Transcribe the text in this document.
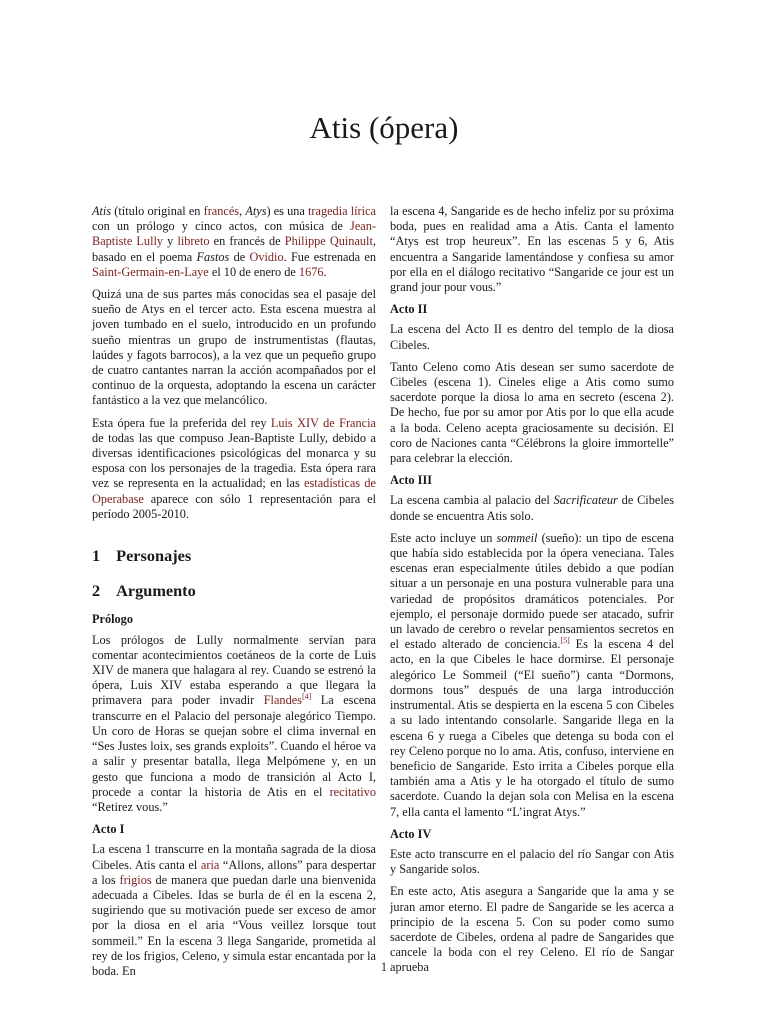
Atis (ópera)

Atis (título original en francés, Atys) es una tragedia lírica con un prólogo y cinco actos, con música de Jean-Baptiste Lully y libreto en francés de Philippe Quinault, basado en el poema Fastos de Ovidio. Fue estrenada en Saint-Germain-en-Laye el 10 de enero de 1676.

Quizá una de sus partes más conocidas sea el pasaje del sueño de Atys en el tercer acto. Esta escena muestra al joven tumbado en el suelo, introducido en un profundo sueño mientras un grupo de instrumentistas (flautas, laúdes y fagots barrocos), a la vez que un pequeño grupo de cuatro cantantes narran la acción acompañados por el continuo de la orquesta, adoptando la escena un carácter fantástico a la vez que melancólico.

Esta ópera fue la preferida del rey Luis XIV de Francia de todas las que compuso Jean-Baptiste Lully, debido a diversas identificaciones psicológicas del monarca y su esposa con los personajes de la tragedia. Esta ópera rara vez se representa en la actualidad; en las estadísticas de Operabase aparece con sólo 1 representación para el período 2005-2010.

1 Personajes
2 Argumento
Prólogo

Los prólogos de Lully normalmente servían para comentar acontecimientos coetáneos de la corte de Luis XIV de manera que halagara al rey. Cuando se estrenó la ópera, Luis XIV estaba esperando a que llegara la primavera para poder invadir Flandes[4] La escena transcurre en el Palacio del personaje alegórico Tiempo. Un coro de Horas se quejan sobre el clima invernal en “Ses Justes loix, ses grands exploits”. Cuando el héroe va a salir y presentar batalla, llega Melpómene y, en un gesto que funciona a modo de transición al Acto I, procede a contar la historia de Atis en el recitativo “Retirez vous.”

Acto I

La escena 1 transcurre en la montaña sagrada de la diosa Cibeles. Atis canta el aria “Allons, allons” para despertar a los frigios de manera que puedan darle una bienvenida adecuada a Cibeles. Idas se burla de él en la escena 2, sugiriendo que su motivación puede ser exceso de amor por la diosa en el aria “Vous veillez lorsque tout sommeil.” En la escena 3 llega Sangaride, prometida al rey de los frigios, Celeno, y simula estar encantada por la boda. En

la escena 4, Sangaride es de hecho infeliz por su próxima boda, pues en realidad ama a Atis. Canta el lamento “Atys est trop heureux”. En las escenas 5 y 6, Atis encuentra a Sangaride lamentándose y confiesa su amor por ella en el diálogo recitativo “Sangaride ce jour est un grand jour pour vous.”

Acto II

La escena del Acto II es dentro del templo de la diosa Cibeles.

Tanto Celeno como Atis desean ser sumo sacerdote de Cibeles (escena 1). Cineles elige a Atis como sumo sacerdote porque la diosa lo ama en secreto (escena 2). De hecho, fue por su amor por Atis por lo que ella acude a la boda. Celeno acepta graciosamente su decisión. El coro de Naciones canta “Célébrons la gloire immortelle” para celebrar la elección.

Acto III

La escena cambia al palacio del Sacrificateur de Cibeles donde se encuentra Atis solo.

Este acto incluye un sommeil (sueño): un tipo de escena que había sido establecida por la ópera veneciana. Tales escenas eran especialmente útiles debido a que podían situar a un personaje en una postura vulnerable para una variedad de propósitos dramáticos potenciales. Por ejemplo, el personaje dormido puede ser atacado, sufrir un lavado de cerebro o revelar pensamientos secretos en el estado alterado de conciencia.[5] Es la escena 4 del acto, en la que Cibeles le hace dormirse. El personaje alegórico Le Sommeil (“El sueño”) canta “Dormons, dormons tous” después de una larga introducción instrumental. Atis se despierta en la escena 5 con Cibeles a su lado intentando consolarle. Sangaride llega en la escena 6 y ruega a Cibeles que detenga su boda con el rey Celeno porque no lo ama. Atis, confuso, interviene en beneficio de Sangaride. Esto irrita a Cibeles porque ella también ama a Atis y le ha otorgado el título de sumo sacerdote. Cuando la dejan sola con Melisa en la escena 7, ella canta el lamento “L’ingrat Atys.”

Acto IV

Este acto transcurre en el palacio del río Sangar con Atis y Sangaride solos.

En este acto, Atis asegura a Sangaride que la ama y se juran amor eterno. El padre de Sangaride se les acerca a principio de la escena 5. Con su poder como sumo sacerdote de Cibeles, ordena al padre de Sangarides que cancele la boda con el rey Celeno. El río de Sangar aprueba

1
